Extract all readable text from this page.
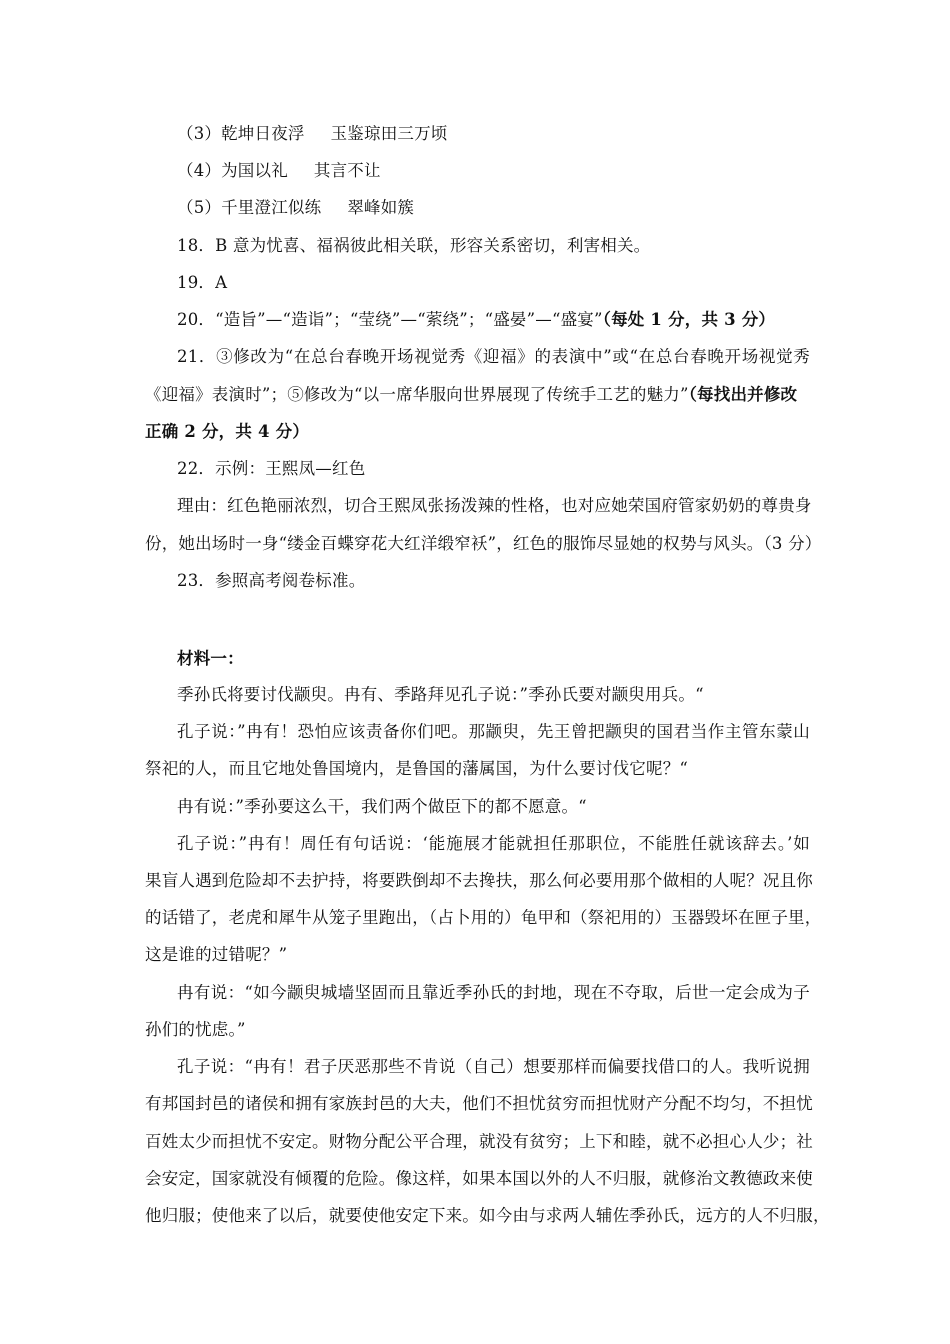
（3）乾坤日夜浮 玉鉴琼田三万顷
（4）为国以礼 其言不让
（5）千里澄江似练 翠峰如簇
18．B 意为忧喜、福祸彼此相关联，形容关系密切，利害相关。
19．A
20．“造旨”—“造诣”；“莹绕”—“萦绕”；“盛晏”—“盛宴”（每处 1 分，共 3 分）
21．③修改为“在总台春晚开场视觉秀《迎福》的表演中”或“在总台春晚开场视觉秀
《迎福》表演时”；⑤修改为“以一席华服向世界展现了传统手工艺的魅力”（每找出并修改
正确 2 分，共 4 分）
22．示例：王熙凤—红色
理由：红色艳丽浓烈，切合王熙凤张扬泼辣的性格，也对应她荣国府管家奶奶的尊贵身
份，她出场时一身“缕金百蝶穿花大红洋缎窄袄”，红色的服饰尽显她的权势与风头。（3 分）
23．参照高考阅卷标准。
材料一：
季孙氏将要讨伐颛臾。冉有、季路拜见孔子说：”季孙氏要对颛臾用兵。“
孔子说：”冉有！恐怕应该责备你们吧。那颛臾，先王曾把颛臾的国君当作主管东蒙山
祭祀的人，而且它地处鲁国境内，是鲁国的藩属国，为什么要讨伐它呢？“
冉有说：”季孙要这么干，我们两个做臣下的都不愿意。“
孔子说：”冉有！周任有句话说：‘能施展才能就担任那职位，不能胜任就该辞去。’如
果盲人遇到危险却不去护持，将要跌倒却不去搀扶，那么何必要用那个做相的人呢？况且你
的话错了，老虎和犀牛从笼子里跑出，（占卜用的）龟甲和（祭祀用的）玉器毁坏在匣子里，
这是谁的过错呢？”
冉有说：“如今颛臾城墙坚固而且靠近季孙氏的封地，现在不夺取，后世一定会成为子
孙们的忧虑。”
孔子说：“冉有！君子厌恶那些不肯说（自己）想要那样而偏要找借口的人。我听说拥
有邦国封邑的诸侯和拥有家族封邑的大夫，他们不担忧贫穷而担忧财产分配不均匀，不担忧
百姓太少而担忧不安定。财物分配公平合理，就没有贫穷；上下和睦，就不必担心人少；社
会安定，国家就没有倾覆的危险。像这样，如果本国以外的人不归服，就修治文教德政来使
他归服；使他来了以后，就要使他安定下来。如今由与求两人辅佐季孙氏，远方的人不归服，
